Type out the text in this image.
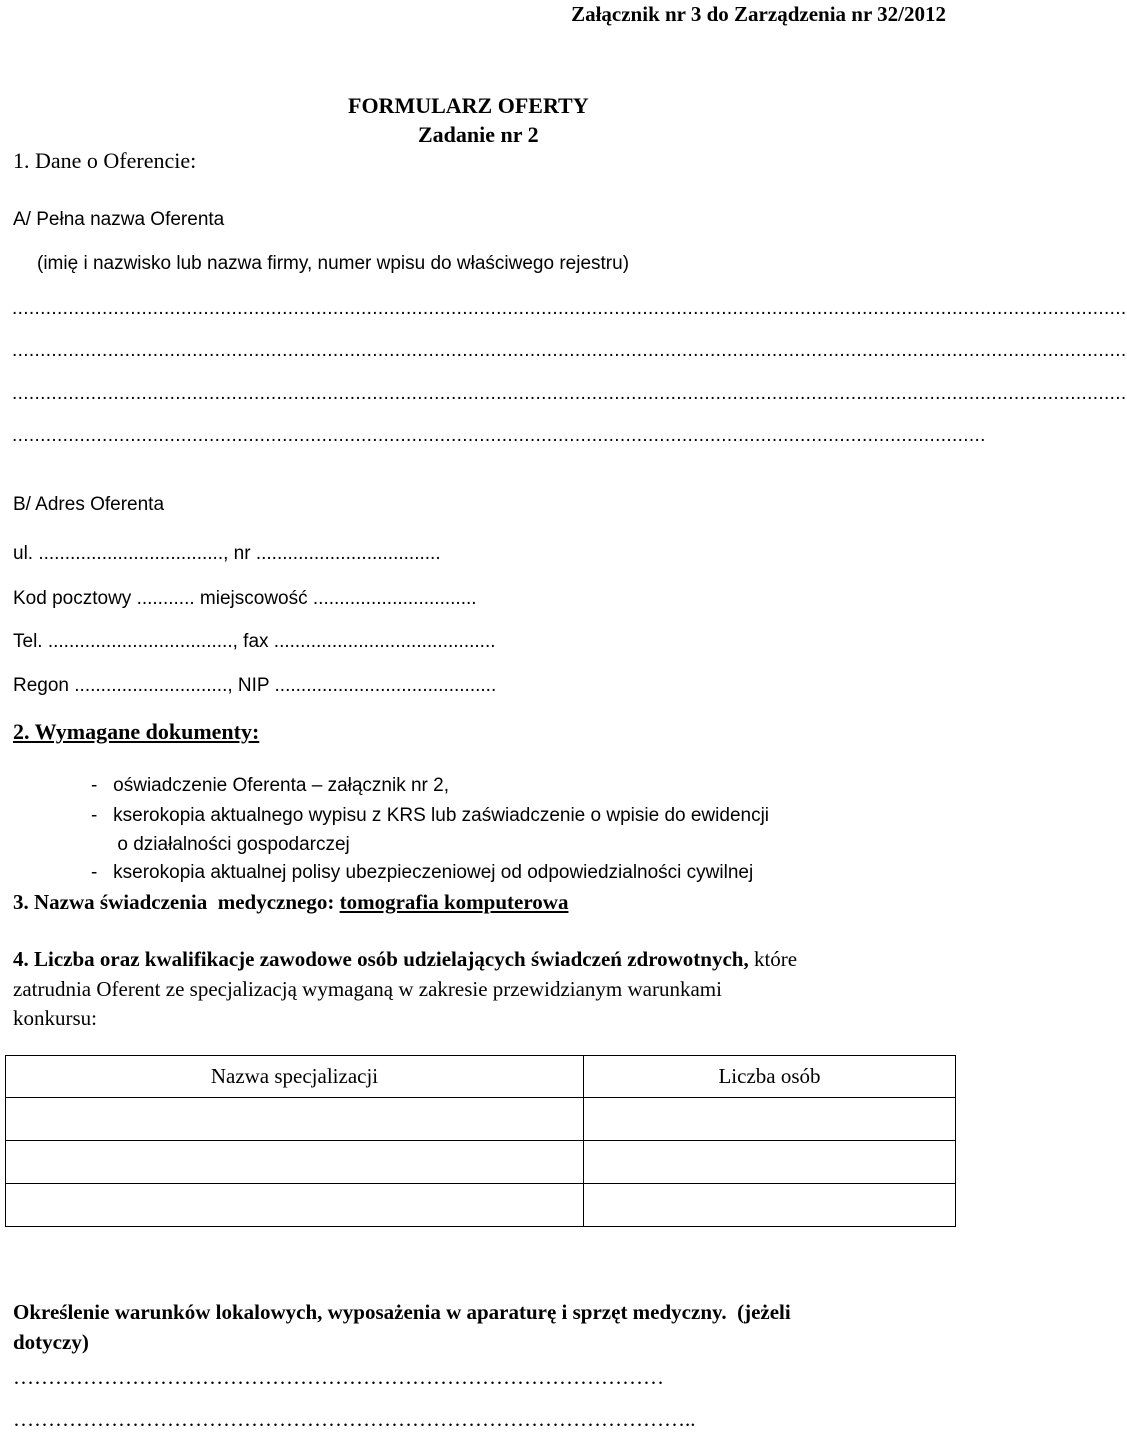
Załącznik nr 3 do Zarządzenia nr 32/2012
FORMULARZ OFERTY
Zadanie nr 2
1. Dane o Oferencie:
A/ Pełna nazwa Oferenta
(imię i nazwisko lub nazwa firmy, numer wpisu do właściwego rejestru)
......................................................................................................................................................................................................
......................................................................................................................................................................................................
......................................................................................................................................................................................................
.............................................................................................................................................................................
B/ Adres Oferenta
ul. ..................................., nr ...................................
Kod pocztowy ........... miejscowość ...............................
Tel. ..................................., fax ..........................................
Regon ............................., NIP ..........................................
2. Wymagane dokumenty:
-   oświadczenie Oferenta – załącznik nr 2,
-   kserokopia aktualnego wypisu z KRS lub zaświadczenie o wpisie do ewidencji
o działalności gospodarczej
-   kserokopia aktualnej polisy ubezpieczeniowej od odpowiedzialności cywilnej
3. Nazwa świadczenia  medycznego: tomografia komputerowa
4. Liczba oraz kwalifikacje zawodowe osób udzielających świadczeń zdrowotnych, które
zatrudnia Oferent ze specjalizacją wymaganą w zakresie przewidzianym warunkami
konkursu:
Nazwa specjalizacji	Liczba osób

Określenie warunków lokalowych, wyposażenia w aparaturę i sprzęt medyczny.  (jeżeli
dotyczy)
…………………………………………………………………………………
……………………………………………………………………………………..
